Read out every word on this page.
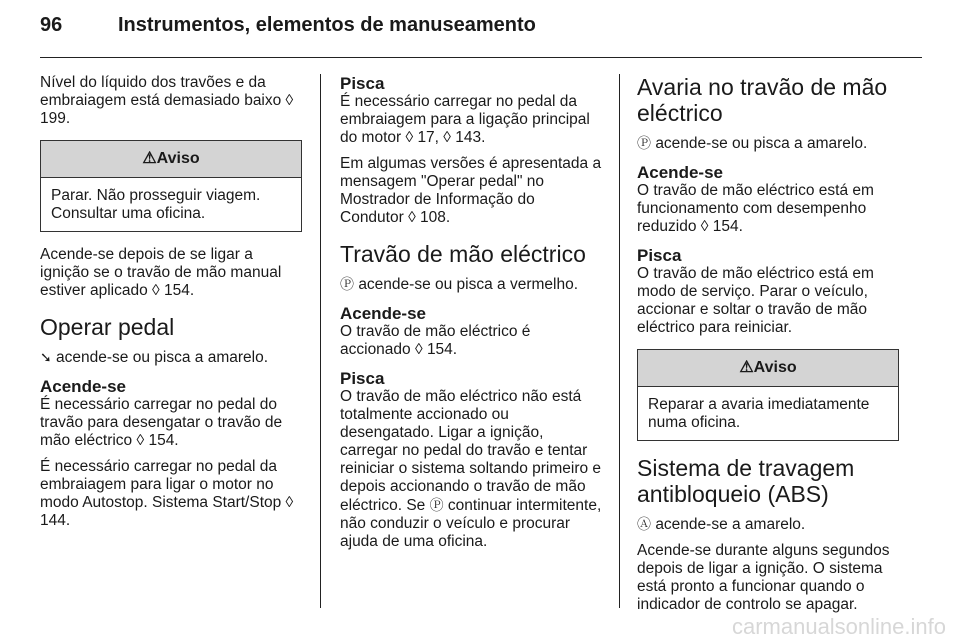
96	Instrumentos, elementos de manuseamento

Nível do líquido dos travões e da embraiagem está demasiado baixo ◊ 199.

⚠Aviso
Parar. Não prosseguir viagem. Consultar uma oficina.

Acende-se depois de se ligar a ignição se o travão de mão manual estiver aplicado ◊ 154.

Operar pedal

➘ acende-se ou pisca a amarelo.

Acende-se

É necessário carregar no pedal do travão para desengatar o travão de mão eléctrico ◊ 154.

É necessário carregar no pedal da embraiagem para ligar o motor no modo Autostop. Sistema Start/Stop ◊ 144.

Pisca

É necessário carregar no pedal da embraiagem para a ligação principal do motor ◊ 17, ◊ 143.

Em algumas versões é apresentada a mensagem "Operar pedal" no Mostrador de Informação do Condutor ◊ 108.

Travão de mão eléctrico

Ⓟ acende-se ou pisca a vermelho.

Acende-se

O travão de mão eléctrico é accionado ◊ 154.

Pisca

O travão de mão eléctrico não está totalmente accionado ou desengatado. Ligar a ignição, carregar no pedal do travão e tentar reiniciar o sistema soltando primeiro e depois accionando o travão de mão eléctrico. Se Ⓟ continuar intermitente, não conduzir o veículo e procurar ajuda de uma oficina.

Avaria no travão de mão eléctrico

Ⓟ acende-se ou pisca a amarelo.

Acende-se

O travão de mão eléctrico está em funcionamento com desempenho reduzido ◊ 154.

Pisca

O travão de mão eléctrico está em modo de serviço. Parar o veículo, accionar e soltar o travão de mão eléctrico para reiniciar.

⚠Aviso
Reparar a avaria imediatamente numa oficina.
Sistema de travagem antibloqueio (ABS)

Ⓐ acende-se a amarelo.

Acende-se durante alguns segundos depois de ligar a ignição. O sistema está pronto a funcionar quando o indicador de controlo se apagar.

carmanualsonline.info
